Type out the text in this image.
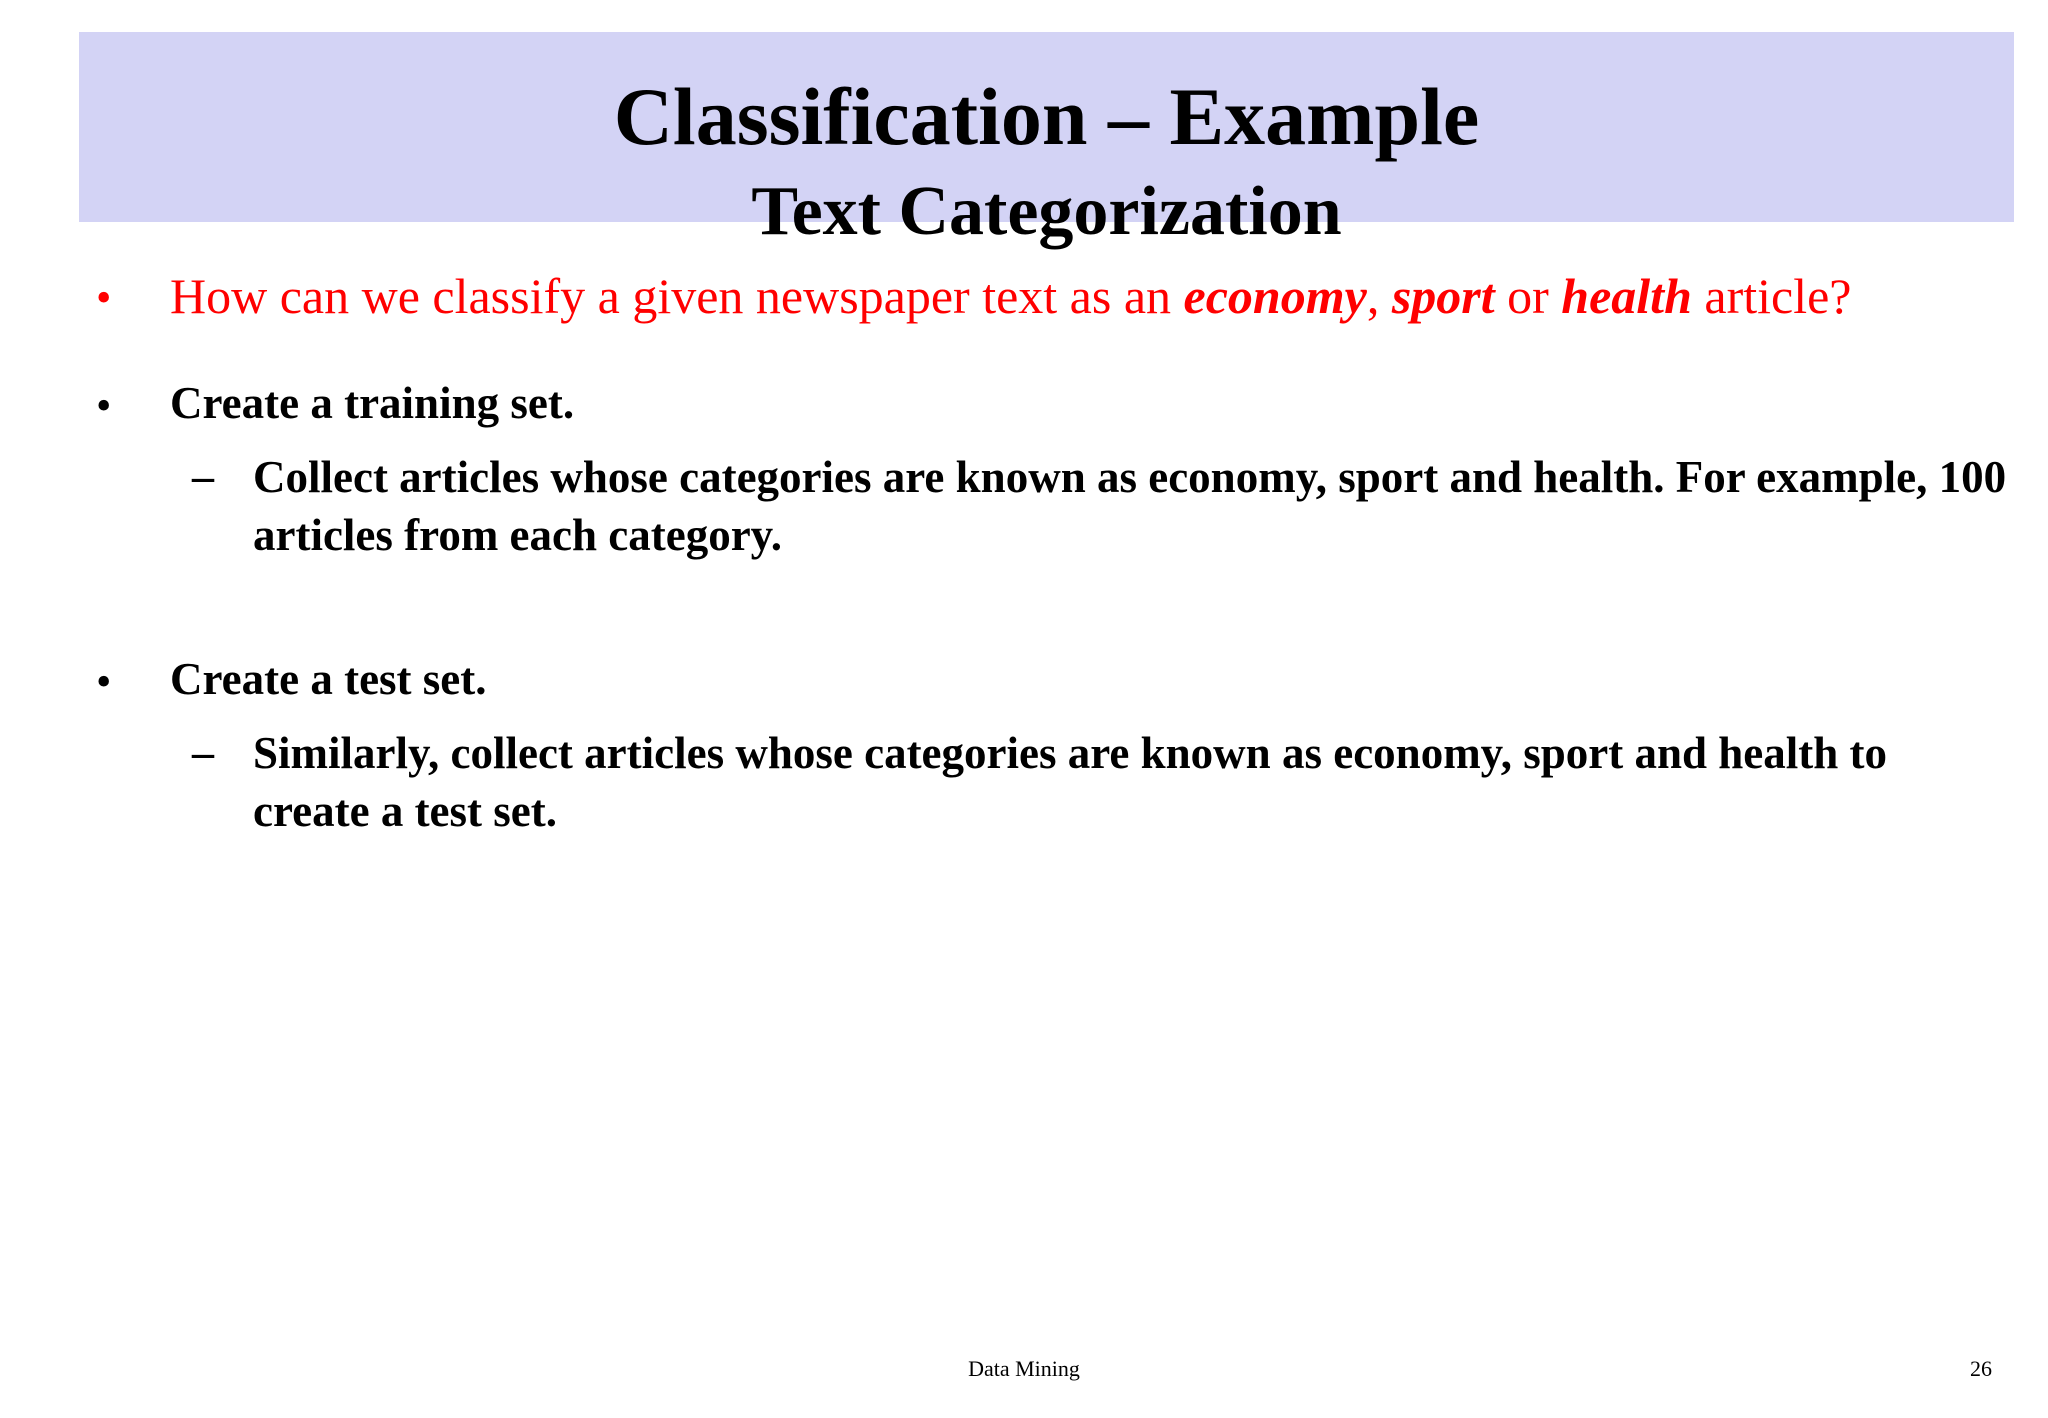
Classification – Example
Text Categorization
• How can we classify a given newspaper text as an economy, sport or health article?
• Create a training set.
– Collect articles whose categories are known as economy, sport and health. For example, 100 articles from each category.
• Create a test set.
– Similarly, collect articles whose categories are known as economy, sport and health to create a test set.
Data Mining	26
